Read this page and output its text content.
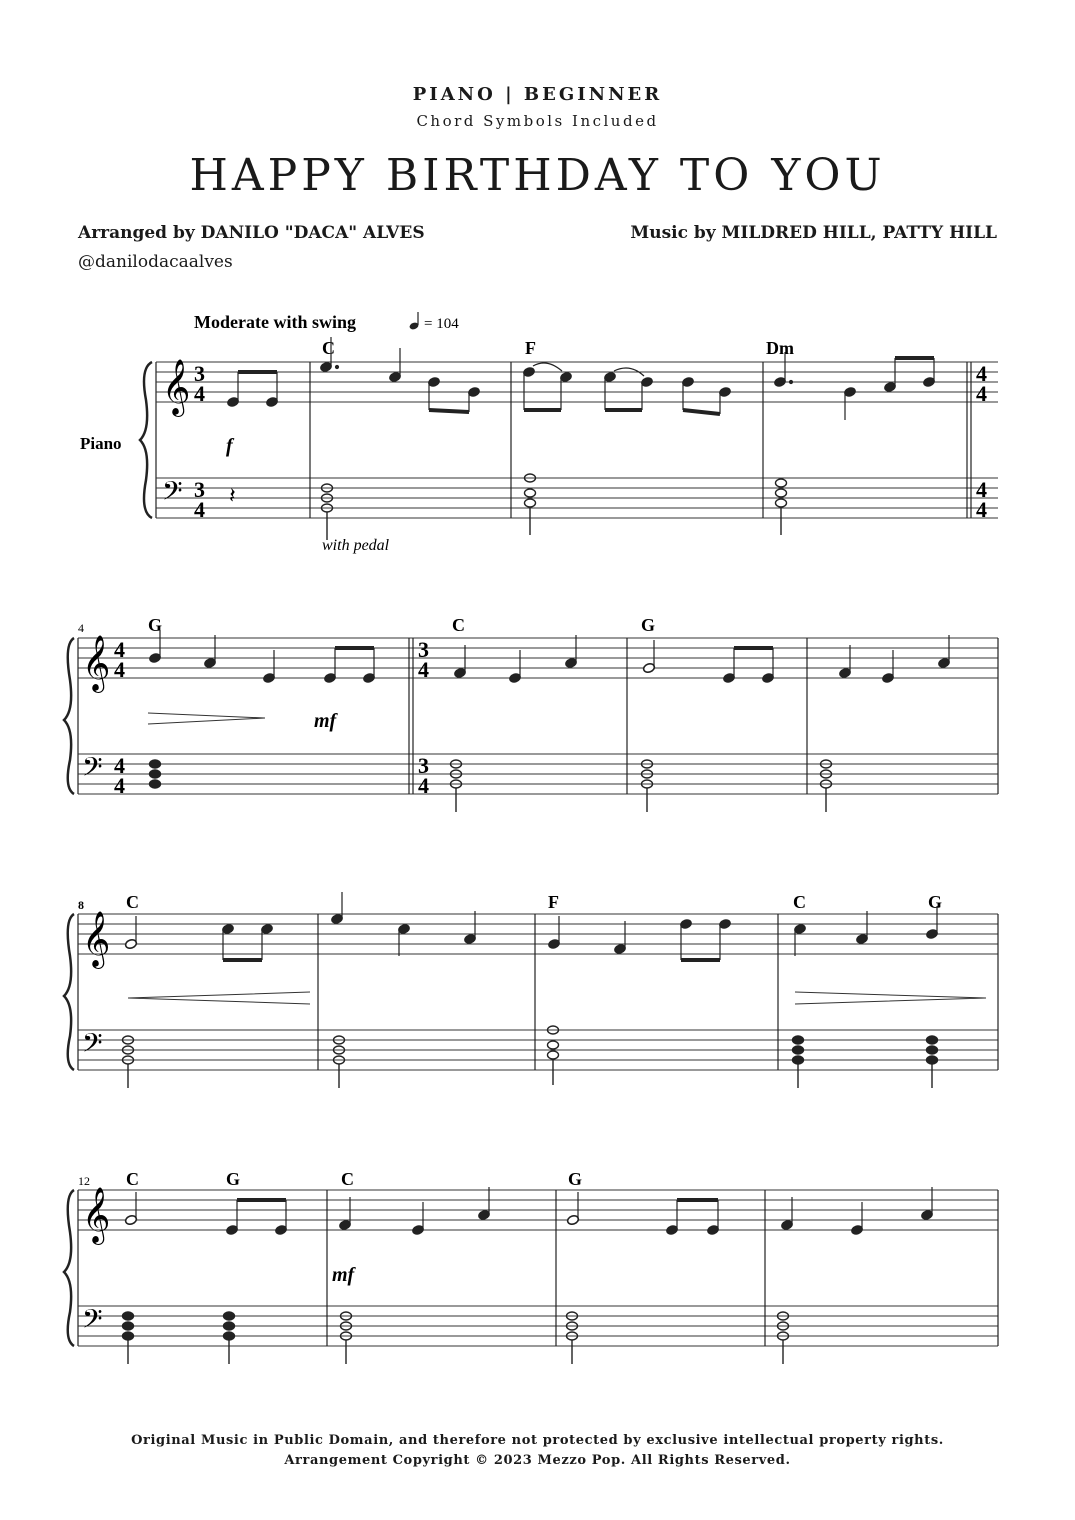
PIANO | BEGINNER
Chord Symbols Included
HAPPY BIRTHDAY TO YOU
Arranged by DANILO "DACA" ALVES
@danilodacaalves
Music by MILDRED HILL, PATTY HILL
Moderate with swing	= 104
Piano
𝄞
𝄢
3
4
3
4
4
4
4
4
C	F	Dm
f
𝄽
with pedal
4
𝄞
𝄢
4
4
4
4
3
4
3
4
G	C	G
mf
8
𝄞
𝄢
C	F	C	G
12
𝄞
𝄢
C	G	C	G
mf
Original Music in Public Domain, and therefore not protected by exclusive intellectual property rights.
Arrangement Copyright © 2023 Mezzo Pop. All Rights Reserved.
